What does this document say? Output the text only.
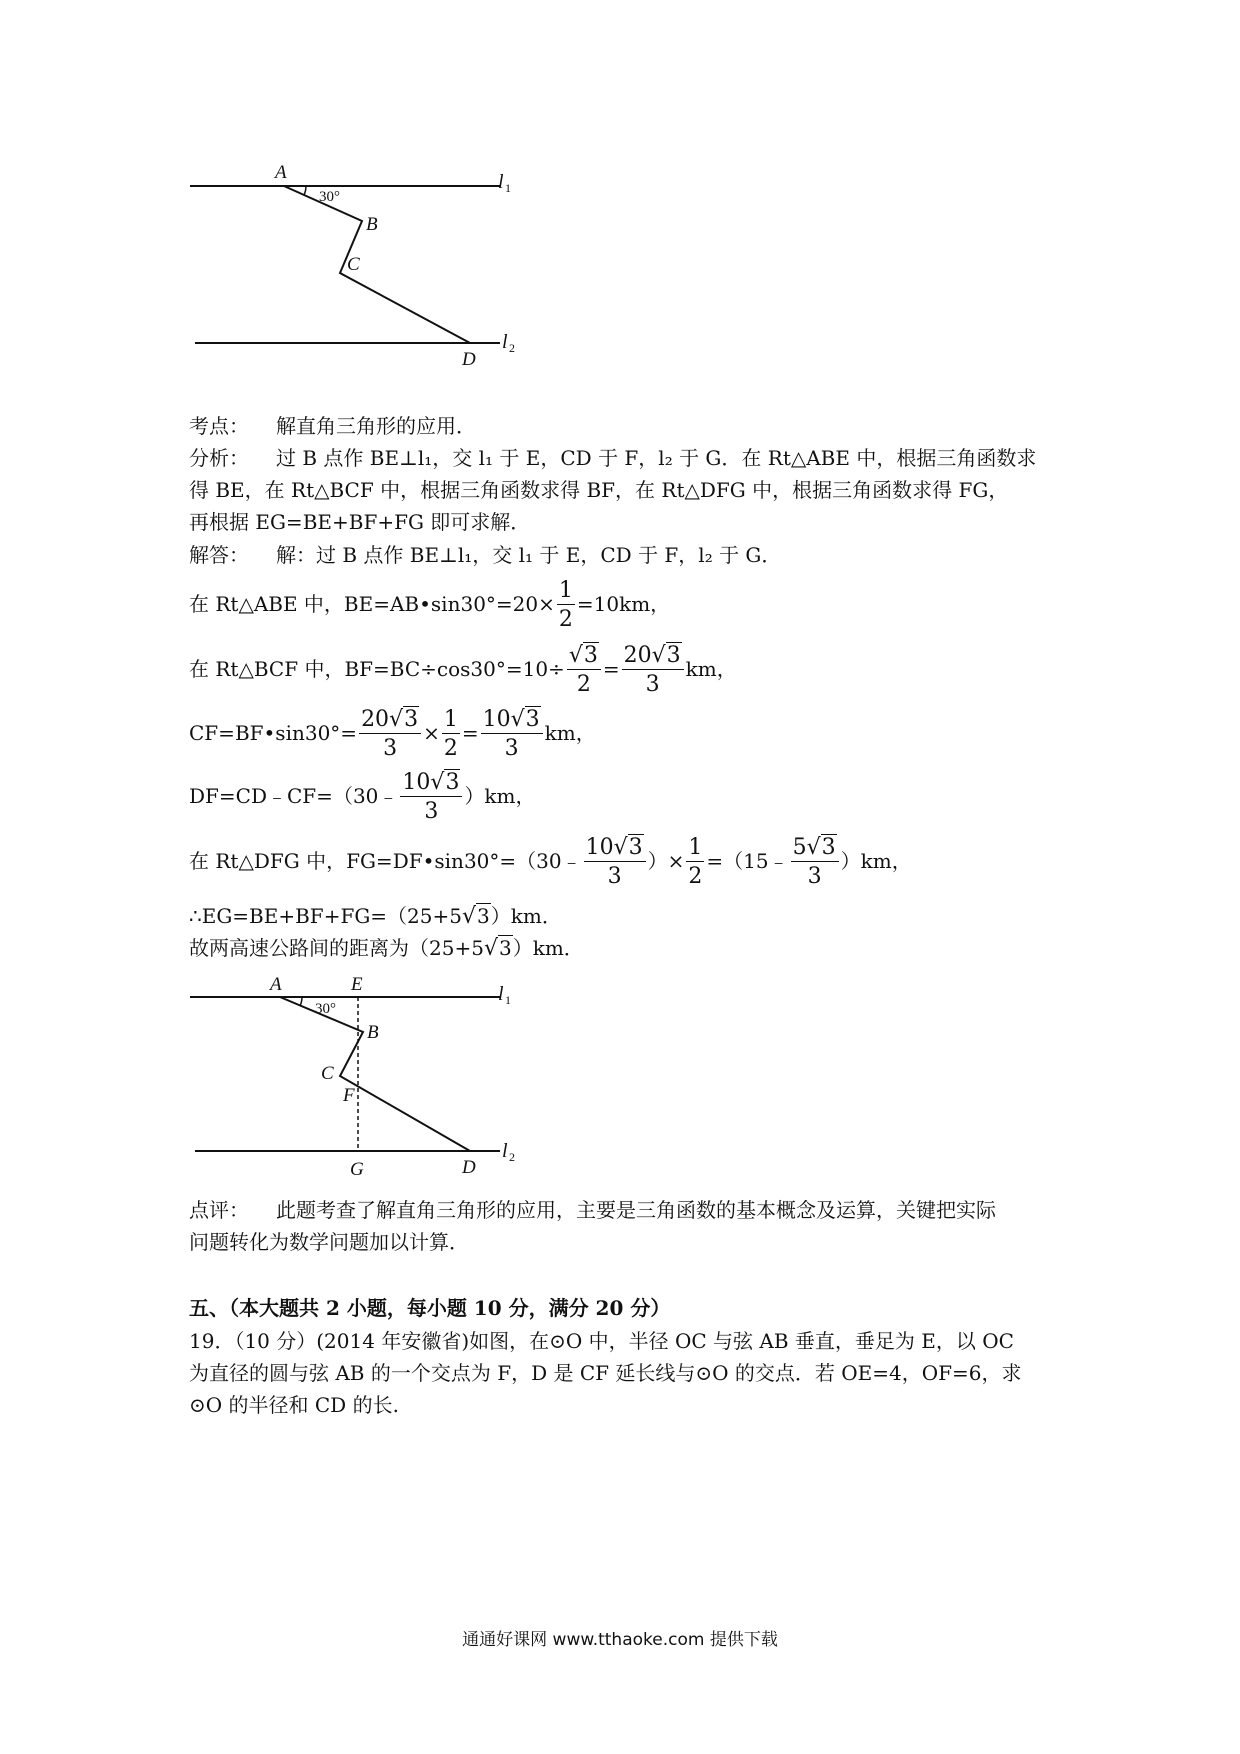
A
B
C
D
l 1
l 2
30°
考点： 解直角三角形的应用．
分析： 过 B 点作 BE⊥l₁，交 l₁ 于 E，CD 于 F，l₂ 于 G．在 Rt△ABE 中，根据三角函数求
得 BE，在 Rt△BCF 中，根据三角函数求得 BF，在 Rt△DFG 中，根据三角函数求得 FG，
再根据 EG=BE+BF+FG 即可求解．
解答： 解：过 B 点作 BE⊥l₁，交 l₁ 于 E，CD 于 F，l₂ 于 G．
在 Rt△ABE 中，BE=AB•sin30°=20× $\frac{1}{2} =10km$，
在 Rt△BCF 中，$BF=BC\div\cos 30^\circ=10\div \frac{√3}{2} = \frac{20√3}{3}$ km，
CF=BF•sin30°= $\frac{20√3}{3} \times \frac{1}{2} = \frac{10√3}{3}$ km，
DF=CD﹣CF=（30﹣ $\frac{10√3}{3} )km$，
在 Rt△DFG 中，FG=DF•sin30°=（30﹣ $\frac{10√3}{3}$ ）× $\frac{1}{2}$ =（15﹣ $\frac{5√3}{3} )km$，
∴EG=BE+BF+FG=（25+5√3）km．
故两高速公路间的距离为（25+5√3）km．
A	E
B
C
F
G	D
l 1
l 2
30°
点评： 此题考查了解直角三角形的应用，主要是三角函数的基本概念及运算，关键把实际
问题转化为数学问题加以计算．
五、（本大题共 2 小题，每小题 10 分，满分 20 分）
19．（10 分）(2014 年安徽省)如图，在⊙O 中，半径 OC 与弦 AB 垂直，垂足为 E，以 OC
为直径的圆与弦 AB 的一个交点为 F，D 是 CF 延长线与⊙O 的交点．若 OE=4，OF=6，求
⊙O 的半径和 CD 的长.
通通好课网 www.tthaoke.com 提供下载
